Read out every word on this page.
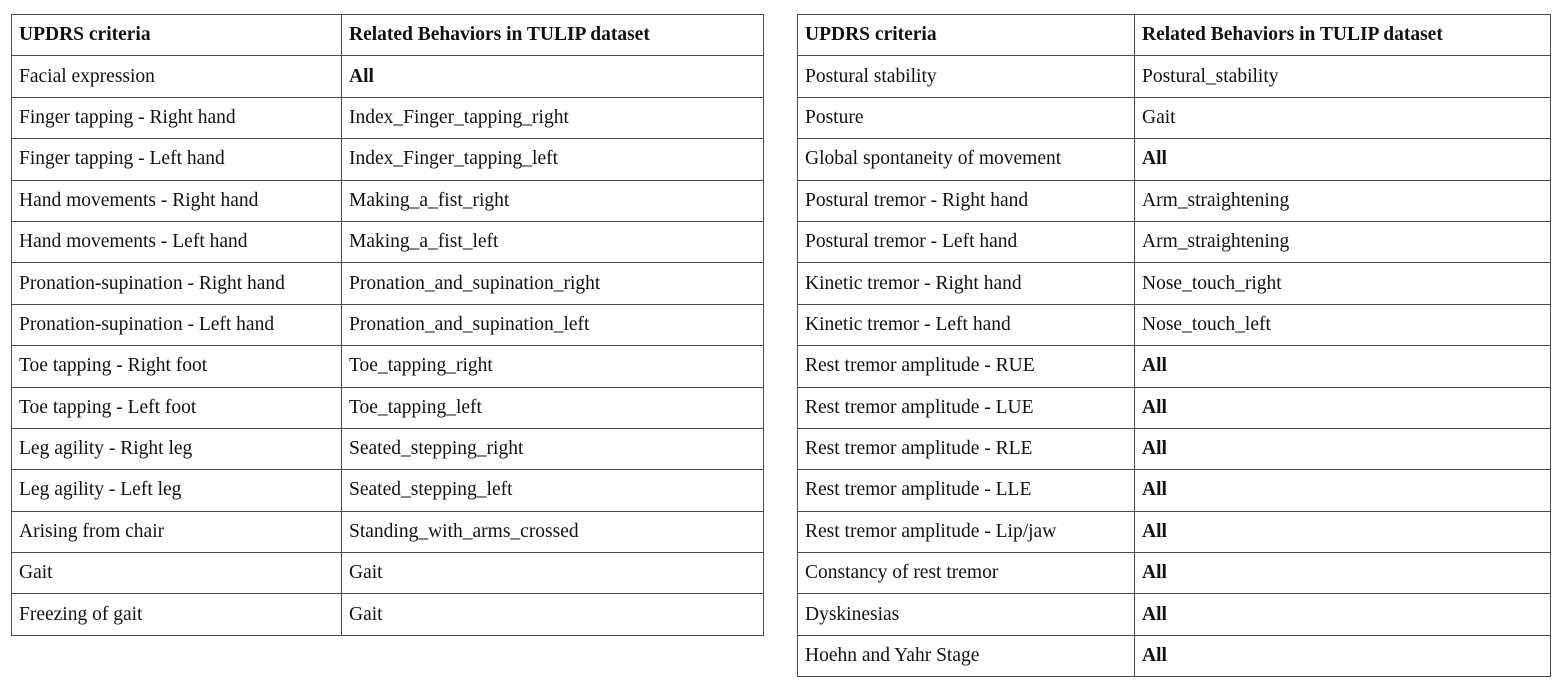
UPDRS criteria	Related Behaviors in TULIP dataset
Facial expression	All
Finger tapping - Right hand	Index_Finger_tapping_right
Finger tapping - Left hand	Index_Finger_tapping_left
Hand movements - Right hand	Making_a_fist_right
Hand movements - Left hand	Making_a_fist_left
Pronation-supination - Right hand	Pronation_and_supination_right
Pronation-supination - Left hand	Pronation_and_supination_left
Toe tapping - Right foot	Toe_tapping_right
Toe tapping - Left foot	Toe_tapping_left
Leg agility - Right leg	Seated_stepping_right
Leg agility - Left leg	Seated_stepping_left
Arising from chair	Standing_with_arms_crossed
Gait	Gait
Freezing of gait	Gait
UPDRS criteria	Related Behaviors in TULIP dataset
Postural stability	Postural_stability
Posture	Gait
Global spontaneity of movement	All
Postural tremor - Right hand	Arm_straightening
Postural tremor - Left hand	Arm_straightening
Kinetic tremor - Right hand	Nose_touch_right
Kinetic tremor - Left hand	Nose_touch_left
Rest tremor amplitude - RUE	All
Rest tremor amplitude - LUE	All
Rest tremor amplitude - RLE	All
Rest tremor amplitude - LLE	All
Rest tremor amplitude - Lip/jaw	All
Constancy of rest tremor	All
Dyskinesias	All
Hoehn and Yahr Stage	All
